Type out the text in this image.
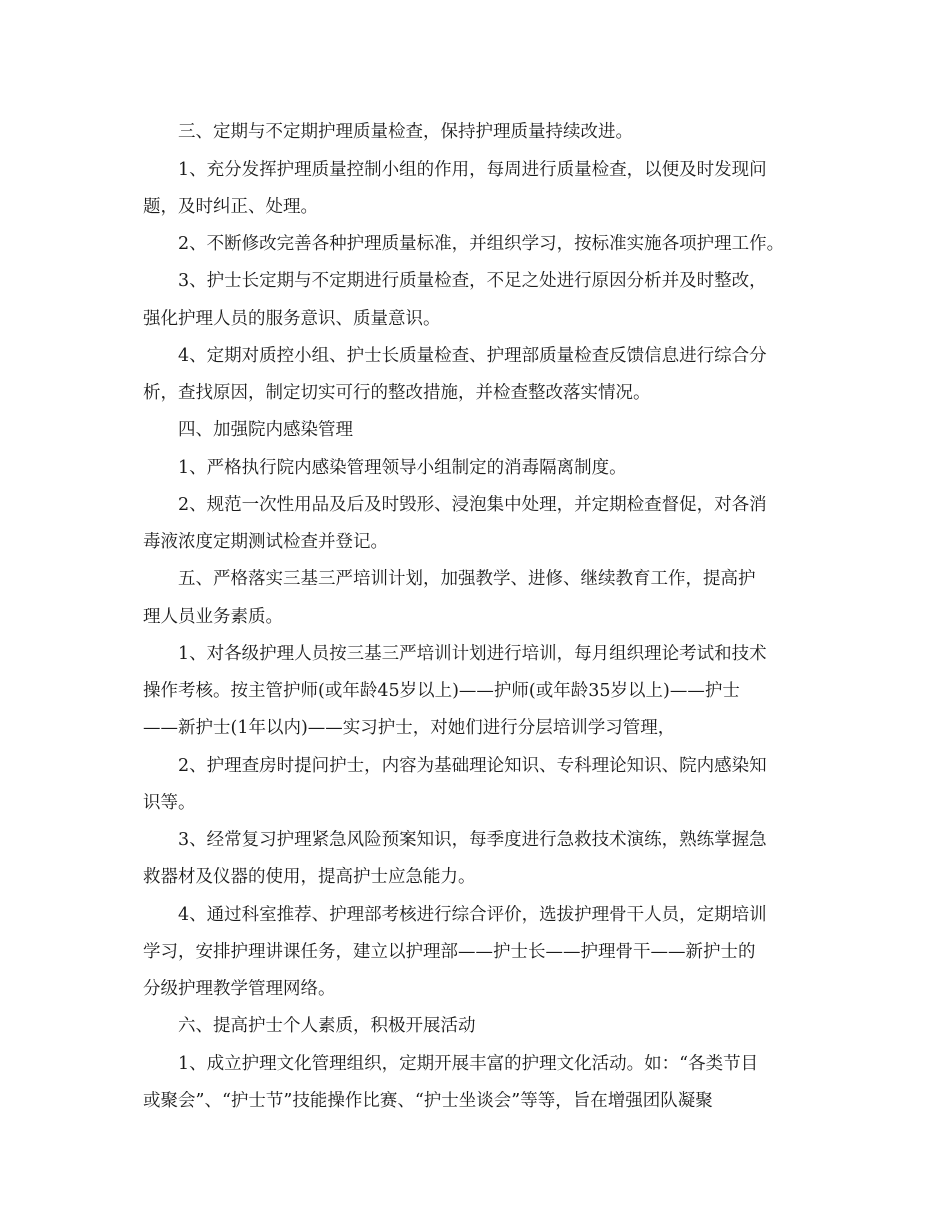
三、定期与不定期护理质量检查，保持护理质量持续改进。
1、充分发挥护理质量控制小组的作用，每周进行质量检查，以便及时发现问
题，及时纠正、处理。
2、不断修改完善各种护理质量标准，并组织学习，按标准实施各项护理工作。
3、护士长定期与不定期进行质量检查，不足之处进行原因分析并及时整改，
强化护理人员的服务意识、质量意识。
4、定期对质控小组、护士长质量检查、护理部质量检查反馈信息进行综合分
析，查找原因，制定切实可行的整改措施，并检查整改落实情况。
四、加强院内感染管理
1、严格执行院内感染管理领导小组制定的消毒隔离制度。
2、规范一次性用品及后及时毁形、浸泡集中处理，并定期检查督促，对各消
毒液浓度定期测试检查并登记。
五、严格落实三基三严培训计划，加强教学、进修、继续教育工作，提高护
理人员业务素质。
1、对各级护理人员按三基三严培训计划进行培训，每月组织理论考试和技术
操作考核。按主管护师(或年龄45岁以上)——护师(或年龄35岁以上)——护士
——新护士(1年以内)——实习护士，对她们进行分层培训学习管理，
2、护理查房时提问护士，内容为基础理论知识、专科理论知识、院内感染知
识等。
3、经常复习护理紧急风险预案知识，每季度进行急救技术演练，熟练掌握急
救器材及仪器的使用，提高护士应急能力。
4、通过科室推荐、护理部考核进行综合评价，选拔护理骨干人员，定期培训
学习，安排护理讲课任务，建立以护理部——护士长——护理骨干——新护士的
分级护理教学管理网络。
六、提高护士个人素质，积极开展活动
1、成立护理文化管理组织，定期开展丰富的护理文化活动。如：“各类节目
或聚会”、“护士节”技能操作比赛、“护士坐谈会”等等，旨在增强团队凝聚
